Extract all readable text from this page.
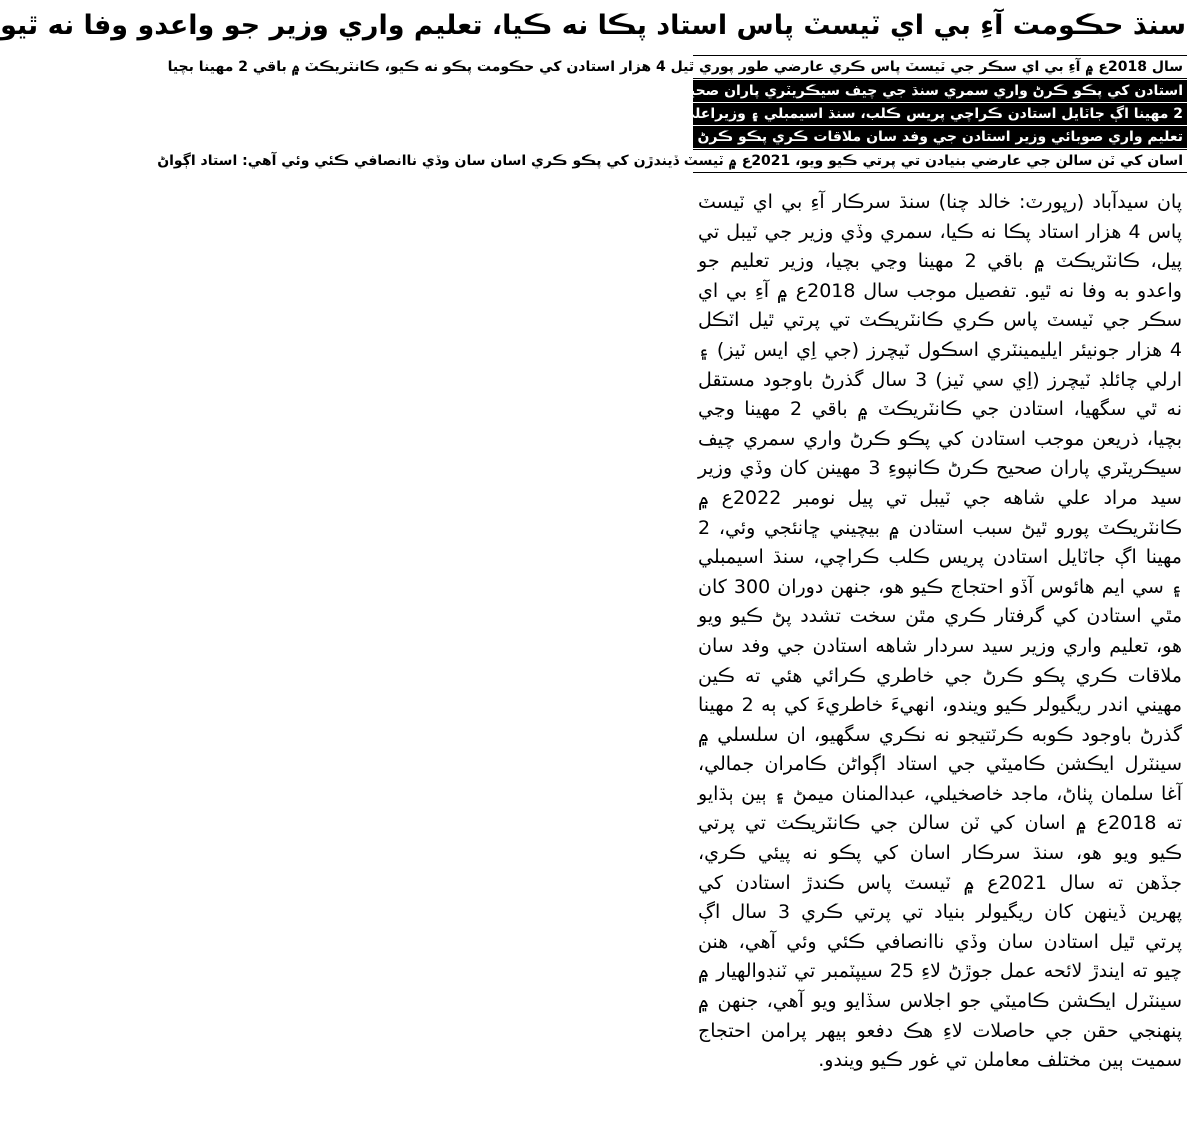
سنڌ حڪومت آءِ بي اي ٽيسٽ پاس استاد پڪا نه ڪيا، تعليم واري وزير جو واعدو وفا نه ٿيو
سال 2018ع ۾ آءِ بي اي سڪر جي ٽيسٽ پاس ڪري عارضي طور پوري ٿيل 4 هزار استادن کي حڪومت پڪو نه ڪيو، ڪانٽريڪٽ ۾ باقي 2 مهينا بچيا
استادن کي پڪو ڪرڻ واري سمري سنڌ جي چيف سيڪريٽري پاران صحيح ڪرڻ ڪانپوءِ 3 مهينن کان وڏي وزير جي ٽيبل تي موجود
2 مهينا اڳ جاٽايل استادن ڪراچي پريس ڪلب، سنڌ اسيمبلي ۽ وزيراعليٰ هائوس آڏو احتجاج ڪيو، 300 کان مٿي استادن کي گرفتار ڪري مٿن تشدد ڪيو ويو
تعليم واري صوبائي وزير استادن جي وفد سان ملاقات ڪري پڪو ڪرڻ جي خاطري ڏني هئي، پڪ ڏيارڻ باوجود 2 مهينا گذري ويا ڪو نتيجو نه نڪتو
اسان کي ٽن سالن جي عارضي بنيادن تي پرتي ڪيو ويو، 2021ع ۾ ٽيسٽ ڏيندڙن کي پڪو ڪري اسان سان وڏي ناانصافي ڪئي وئي آهي: استاد اڳواڻ

پان سيدآباد (رپورٽ: خالد چنا) سنڌ سرڪار آءِ بي اي ٽيسٽ پاس 4 هزار استاد پڪا نه ڪيا، سمري وڏي وزير جي ٽيبل تي پيل، ڪانٽريڪٽ ۾ باقي 2 مهينا وڃي بچيا، وزير تعليم جو واعدو به وفا نه ٿيو. تفصيل موجب سال 2018ع ۾ آءِ بي اي سڪر جي ٽيسٽ پاس ڪري ڪانٽريڪٽ تي پرتي ٿيل اٽڪل 4 هزار جونيئر ايليمينٽري اسڪول ٽيچرز (جي اِي ايس ٽيز) ۽ ارلي چائلڊ ٽيچرز (اِي سي ٽيز) 3 سال گذرڻ باوجود مستقل نه ٿي سگهيا، استادن جي ڪانٽريڪٽ ۾ باقي 2 مهينا وڃي بچيا، ذريعن موجب استادن کي پڪو ڪرڻ واري سمري چيف سيڪريٽري پاران صحيح ڪرڻ ڪانپوءِ 3 مهينن کان وڏي وزير سيد مراد علي شاهه جي ٽيبل تي پيل نومبر 2022ع ۾ ڪانٽريڪٽ پورو ٿيڻ سبب استادن ۾ بيچيني ڇانئجي وئي، 2 مهينا اڳ جاٽايل استادن پريس ڪلب ڪراچي، سنڌ اسيمبلي ۽ سي ايم هائوس آڏو احتجاج ڪيو هو، جنهن دوران 300 کان مٿي استادن کي گرفتار ڪري مٿن سخت تشدد پڻ ڪيو ويو هو، تعليم واري وزير سيد سردار شاهه استادن جي وفد سان ملاقات ڪري پڪو ڪرڻ جي خاطري ڪرائي هئي ته ڪين مهيني اندر ريگيولر ڪيو ويندو، انهيءَ خاطريءَ کي ٻه 2 مهينا گذرڻ باوجود ڪوبه ڪرٽتيجو نه نڪري سگهيو، ان سلسلي ۾ سينٽرل ايڪشن ڪاميٽي جي استاد اڳواڻن ڪامران جمالي، آغا سلمان پٺاڻ، ماجد خاصخيلي، عبدالمنان ميمڻ ۽ ٻين ٻڌايو ته 2018ع ۾ اسان کي ٽن سالن جي ڪانٽريڪٽ تي پرتي ڪيو ويو هو، سنڌ سرڪار اسان کي پڪو نه پيئي ڪري، جڏهن ته سال 2021ع ۾ ٽيسٽ پاس ڪندڙ استادن کي پهرين ڏينهن کان ريگيولر بنياد تي پرتي ڪري 3 سال اڳ پرتي ٿيل استادن سان وڏي ناانصافي ڪئي وئي آهي، هنن چيو ته ايندڙ لائحه عمل جوڙڻ لاءِ 25 سيپٽمبر تي ٽنڊوالهيار ۾ سينٽرل ايڪشن ڪاميٽي جو اجلاس سڏايو ويو آهي، جنهن ۾ پنهنجي حقن جي حاصلات لاءِ هڪ دفعو ٻيهر پرامن احتجاج سميت ٻين مختلف معاملن تي غور ڪيو ويندو.
